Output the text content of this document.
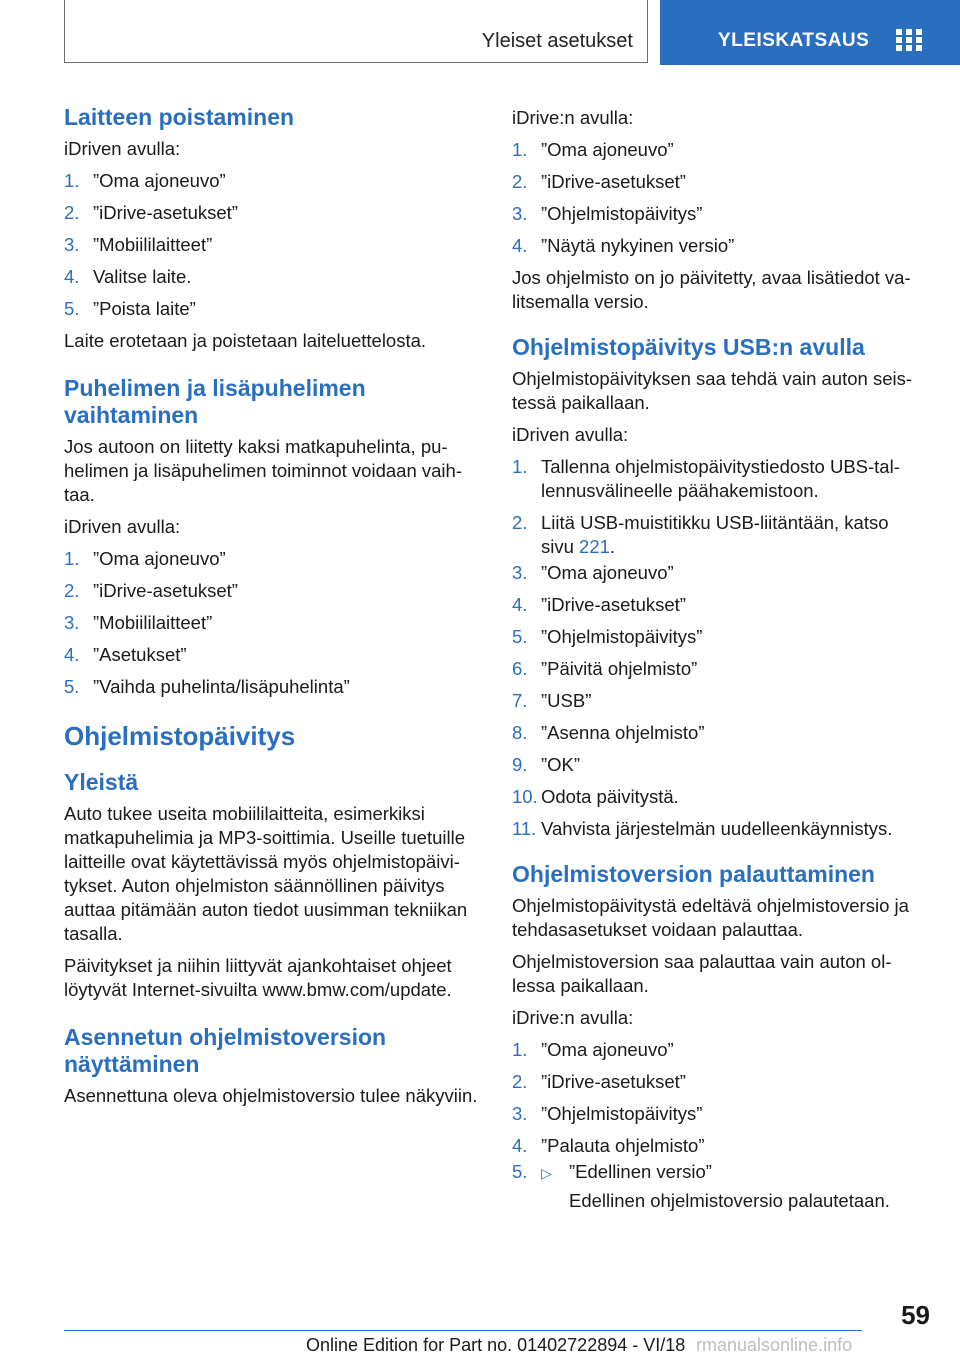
Yleiset asetukset	YLEISKATSAUS
Laitteen poistaminen

iDriven avulla:

1. ”Oma ajoneuvo”
2. ”iDrive-asetukset”
3. ”Mobiililaitteet”
4. Valitse laite.
5. ”Poista laite”

Laite erotetaan ja poistetaan laiteluettelosta.

Puhelimen ja lisäpuhelimen vaihtaminen

Jos autoon on liitetty kaksi matkapuhelinta, puhelimen ja lisäpuhelimen toiminnot voidaan vaihtaa.

iDriven avulla:

1. ”Oma ajoneuvo”
2. ”iDrive-asetukset”
3. ”Mobiililaitteet”
4. ”Asetukset”
5. ”Vaihda puhelinta/lisäpuhelinta”
Ohjelmistopäivitys
Yleistä

Auto tukee useita mobiililaitteita, esimerkiksi matkapuhelimia ja MP3-soittimia. Useille tuetuille laitteille ovat käytettävissä myös ohjelmistopäivitykset. Auton ohjelmiston säännöllinen päivitys auttaa pitämään auton tiedot uusimman tekniikan tasalla.

Päivitykset ja niihin liittyvät ajankohtaiset ohjeet löytyvät Internet-sivuilta www.bmw.com/update.

Asennetun ohjelmistoversion näyttäminen

Asennettuna oleva ohjelmistoversio tulee näkyviin.

iDrive:n avulla:

1. ”Oma ajoneuvo”
2. ”iDrive-asetukset”
3. ”Ohjelmistopäivitys”
4. ”Näytä nykyinen versio”

Jos ohjelmisto on jo päivitetty, avaa lisätiedot valitsemalla versio.

Ohjelmistopäivitys USB:n avulla

Ohjelmistopäivityksen saa tehdä vain auton seistessä paikallaan.

iDriven avulla:

1. Tallenna ohjelmistopäivitystiedosto UBS-tallennusvälineelle päähakemistoon.
2. Liitä USB-muistitikku USB-liitäntään, katso sivu 221.
3. ”Oma ajoneuvo”
4. ”iDrive-asetukset”
5. ”Ohjelmistopäivitys”
6. ”Päivitä ohjelmisto”
7. ”USB”
8. ”Asenna ohjelmisto”
9. ”OK”
10. Odota päivitystä.
11. Vahvista järjestelmän uudelleenkäynnistys.
Ohjelmistoversion palauttaminen

Ohjelmistopäivitystä edeltävä ohjelmistoversio ja tehdasasetukset voidaan palauttaa.

Ohjelmistoversion saa palauttaa vain auton ollessa paikallaan.

iDrive:n avulla:

1. ”Oma ajoneuvo”
2. ”iDrive-asetukset”
3. ”Ohjelmistopäivitys”
4. ”Palauta ohjelmisto”
5. ▷ ”Edellinen versio”
Edellinen ohjelmistoversio palautetaan.
59
Online Edition for Part no. 01402722894 - VI/18 rmanualsonline.info
